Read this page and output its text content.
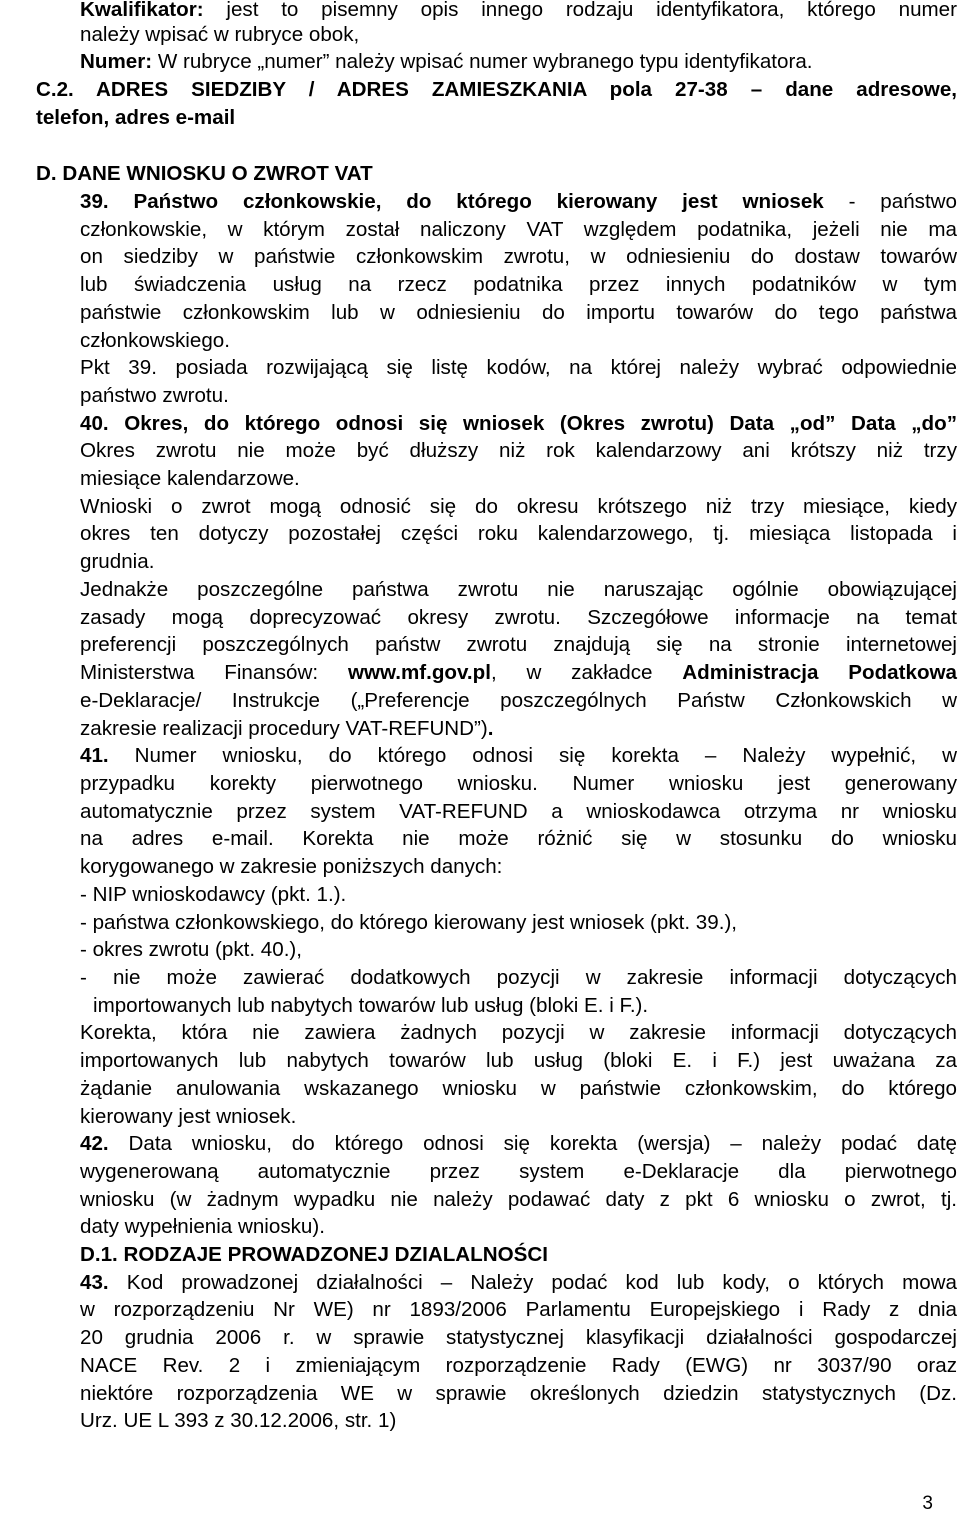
Kwalifikator: jest to pisemny opis innego rodzaju identyfikatora, którego numer
należy wpisać w rubryce obok,
Numer: W rubryce „numer” należy wpisać numer wybranego typu identyfikatora.
C.2. ADRES SIEDZIBY / ADRES ZAMIESZKANIA pola 27-38 – dane adresowe,
telefon, adres e-mail
D. DANE WNIOSKU O ZWROT VAT
39. Państwo członkowskie, do którego kierowany jest wniosek - państwo
członkowskie, w którym został naliczony VAT względem podatnika, jeżeli nie ma
on siedziby w państwie członkowskim zwrotu, w odniesieniu do dostaw towarów
lub świadczenia usług na rzecz podatnika przez innych podatników w tym
państwie członkowskim lub w odniesieniu do importu towarów do tego państwa
członkowskiego.
Pkt 39. posiada rozwijającą się listę kodów, na której należy wybrać odpowiednie
państwo zwrotu.
40. Okres, do którego odnosi się wniosek (Okres zwrotu) Data „od” Data „do”
Okres zwrotu nie może być dłuższy niż rok kalendarzowy ani krótszy niż trzy
miesiące kalendarzowe.
Wnioski o zwrot mogą odnosić się do okresu krótszego niż trzy miesiące, kiedy
okres ten dotyczy pozostałej części roku kalendarzowego, tj. miesiąca listopada i
grudnia.
Jednakże poszczególne państwa zwrotu nie naruszając ogólnie obowiązującej
zasady mogą doprecyzować okresy zwrotu. Szczegółowe informacje na temat
preferencji poszczególnych państw zwrotu znajdują się na stronie internetowej
Ministerstwa Finansów: www.mf.gov.pl, w zakładce Administracja Podatkowa
e-Deklaracje/ Instrukcje („Preferencje poszczególnych Państw Członkowskich w
zakresie realizacji procedury VAT-REFUND”).
41. Numer wniosku, do którego odnosi się korekta – Należy wypełnić, w
przypadku korekty pierwotnego wniosku. Numer wniosku jest generowany
automatycznie przez system VAT-REFUND a wnioskodawca otrzyma nr wniosku
na adres e-mail. Korekta nie może różnić się w stosunku do wniosku
korygowanego w zakresie poniższych danych:
- NIP wnioskodawcy (pkt. 1.).
- państwa członkowskiego, do którego kierowany jest wniosek (pkt. 39.),
- okres zwrotu (pkt. 40.),
- nie może zawierać dodatkowych pozycji w zakresie informacji dotyczących
importowanych lub nabytych towarów lub usług (bloki E. i F.).
Korekta, która nie zawiera żadnych pozycji w zakresie informacji dotyczących
importowanych lub nabytych towarów lub usług (bloki E. i F.) jest uważana za
żądanie anulowania wskazanego wniosku w państwie członkowskim, do którego
kierowany jest wniosek.
42. Data wniosku, do którego odnosi się korekta (wersja) – należy podać datę
wygenerowaną automatycznie przez system e-Deklaracje dla pierwotnego
wniosku (w żadnym wypadku nie należy podawać daty z pkt 6 wniosku o zwrot, tj.
daty wypełnienia wniosku).
D.1. RODZAJE PROWADZONEJ DZIALALNOŚCI
43. Kod prowadzonej działalności – Należy podać kod lub kody, o których mowa
w rozporządzeniu Nr WE) nr 1893/2006 Parlamentu Europejskiego i Rady z dnia
20 grudnia 2006 r. w sprawie statystycznej klasyfikacji działalności gospodarczej
NACE Rev. 2 i zmieniającym rozporządzenie Rady (EWG) nr 3037/90 oraz
niektóre rozporządzenia WE w sprawie określonych dziedzin statystycznych (Dz.
Urz. UE L 393 z 30.12.2006, str. 1)
3
